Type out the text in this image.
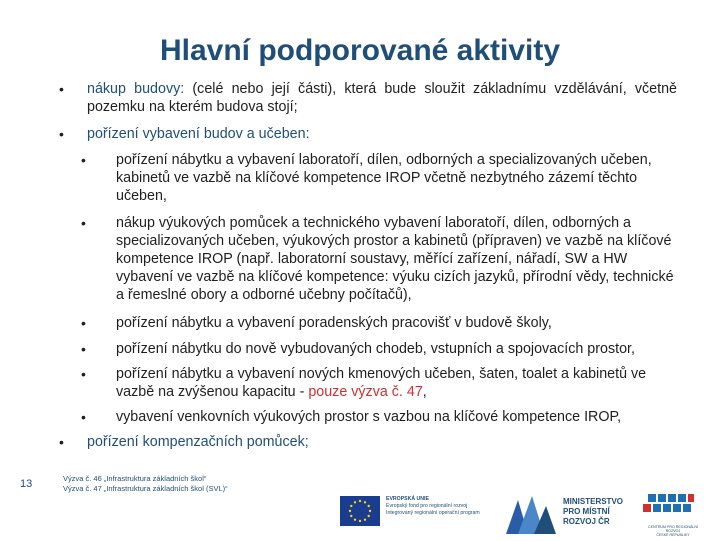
Hlavní podporované aktivity
• nákup budovy: (celé nebo její části), která bude sloužit základnímu vzdělávání, včetně pozemku na kterém budova stojí;
• pořízení vybavení budov a učeben:
• pořízení nábytku a vybavení laboratoří, dílen, odborných a specializovaných učeben, kabinetů ve vazbě na klíčové kompetence IROP včetně nezbytného zázemí těchto učeben,
• nákup výukových pomůcek a technického vybavení laboratoří, dílen, odborných a specializovaných učeben, výukových prostor a kabinetů (přípraven) ve vazbě na klíčové kompetence IROP (např. laboratorní soustavy, měřící zařízení, nářadí, SW a HW vybavení ve vazbě na klíčové kompetence: výuku cizích jazyků, přírodní vědy, technické a řemeslné obory a odborné učebny počítačů),
• pořízení nábytku a vybavení poradenských pracovišť v budově školy,
• pořízení nábytku do nově vybudovaných chodeb, vstupních a spojovacích prostor,
• pořízení nábytku a vybavení nových kmenových učeben, šaten, toalet a kabinetů ve vazbě na zvýšenou kapacitu - pouze výzva č. 47,
• vybavení venkovních výukových prostor s vazbou na klíčové kompetence IROP,
• pořízení kompenzačních pomůcek;
13	Výzva č. 46 „Infrastruktura základních škol“
Výzva č. 47 „Infrastruktura základních škol (SVL)“
EVROPSKÁ UNIE
Evropský fond pro regionální rozvoj
Integrovaný regionální operační program
MINISTERSTVO
PRO MÍSTNÍ
ROZVOJ ČR
CENTRUM PRO REGIONÁLNÍ ROZVOJ
ČESKÉ REPUBLIKY
